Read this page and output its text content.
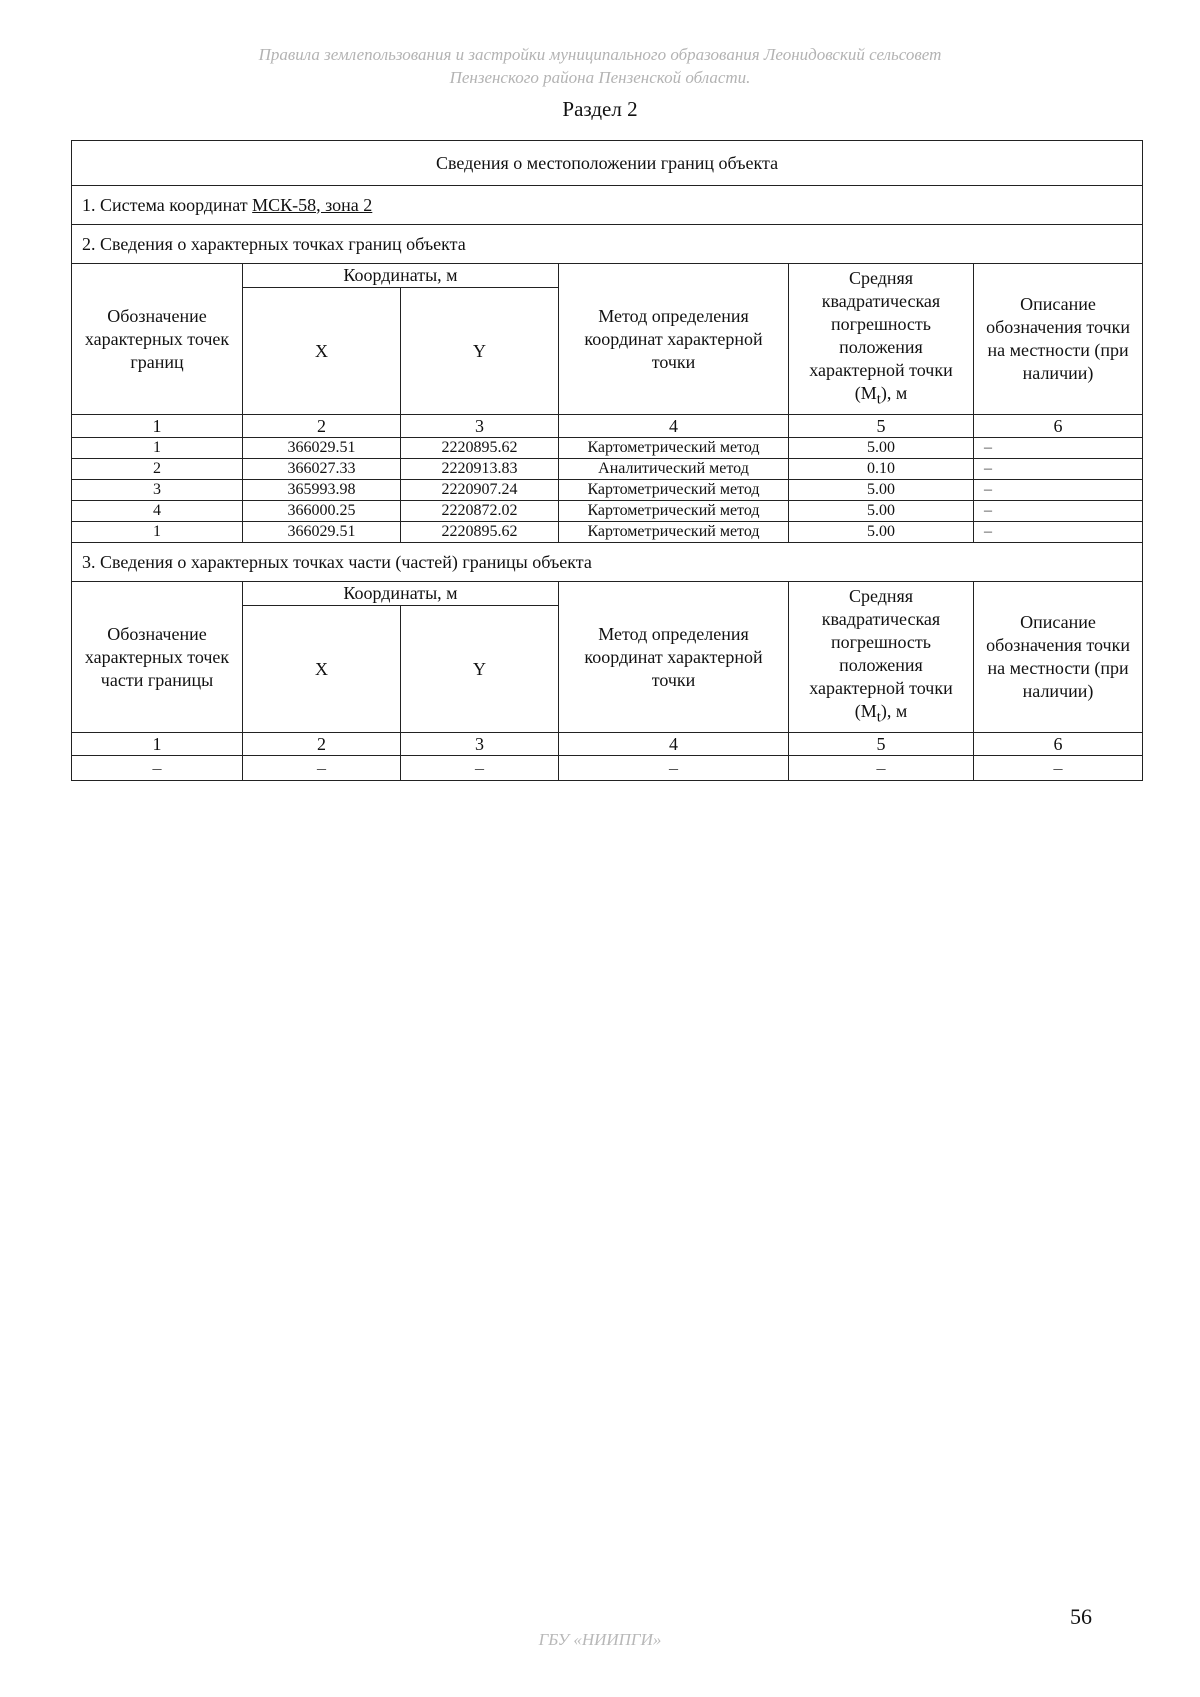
Правила землепользования и застройки муниципального образования Леонидовский сельсовет
Пензенского района Пензенской области.
Раздел 2
Сведения о местоположении границ объекта					
1. Система координат МСК-58, зона 2					
2. Сведения о характерных точках границ объекта					
Обозначение характерных точек границ	Координаты, м		Метод определения координат характерной точки	Средняя квадратическая погрешность положения характерной точки $(M_t)$, м	Описание обозначения точки на местности (при наличии)
	X	Y			
1	2	3	4	5	6
1	366029.51	2220895.62	Картометрический метод	5.00	–
2	366027.33	2220913.83	Аналитический метод	0.10	–
3	365993.98	2220907.24	Картометрический метод	5.00	–
4	366000.25	2220872.02	Картометрический метод	5.00	–
1	366029.51	2220895.62	Картометрический метод	5.00	–
3. Сведения о характерных точках части (частей) границы объекта					
Обозначение характерных точек части границы	Координаты, м		Метод определения координат характерной точки	Средняя квадратическая погрешность положения характерной точки $(M_t)$, м	Описание обозначения точки на местности (при наличии)
	X	Y			
1	2	3	4	5	6
–	–	–	–	–	–
56
ГБУ «НИИПГИ»
